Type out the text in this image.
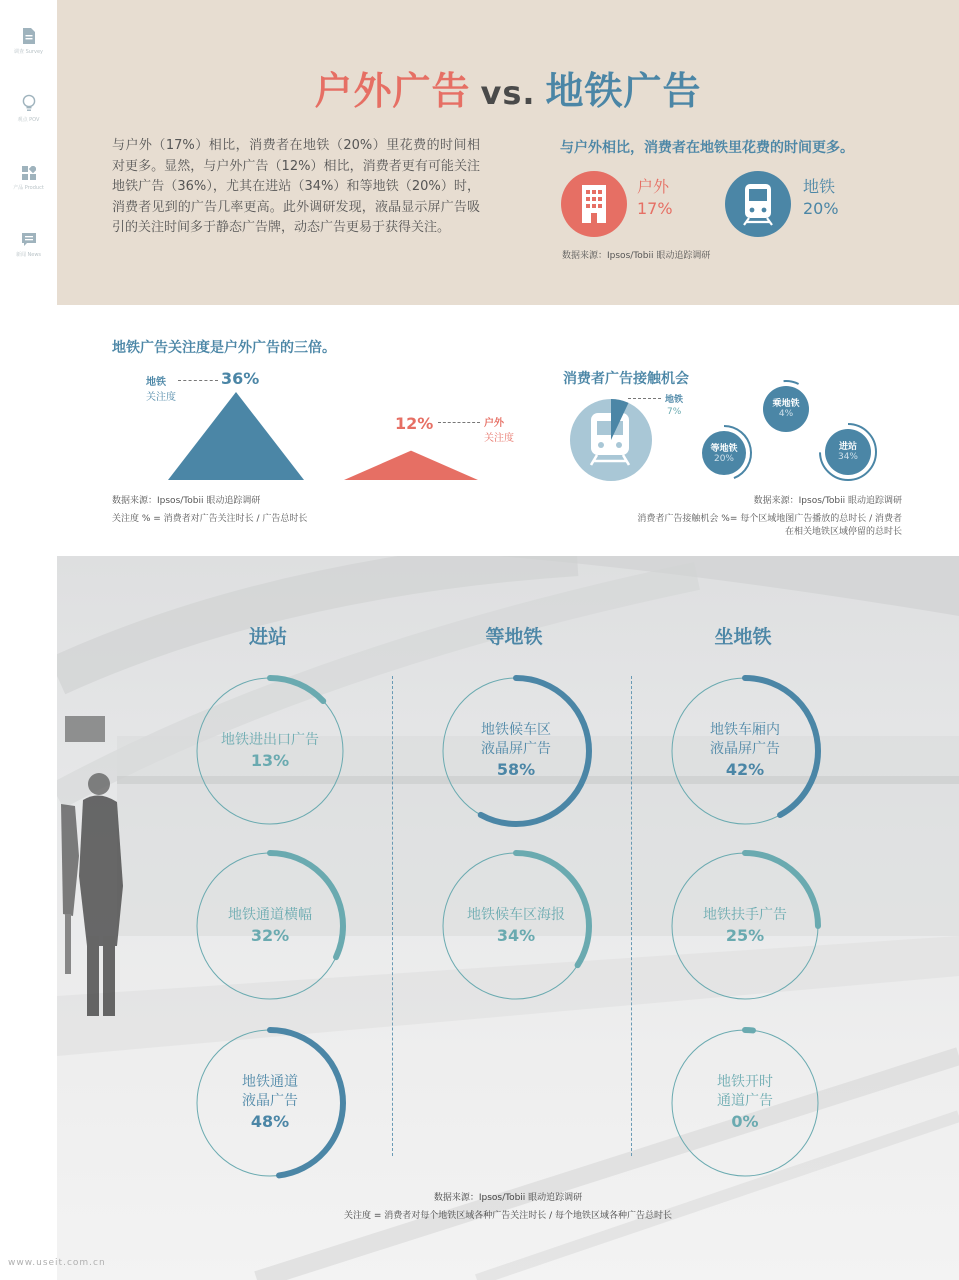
调查 Survey
观点 POV
产品 Product
新闻 News
户外广告 vs. 地铁广告
与户外（17%）相比，消费者在地铁（20%）里花费的时间相对更多。显然，与户外广告（12%）相比，消费者更有可能关注地铁广告（36%），尤其在进站（34%）和等地铁（20%）时，消费者见到的广告几率更高。此外调研发现，液晶显示屏广告吸引的关注时间多于静态广告牌，动态广告更易于获得关注。
与户外相比，消费者在地铁里花费的时间更多。
户外
17%
地铁
20%
数据来源：Ipsos/Tobii 眼动追踪调研
地铁广告关注度是户外广告的三倍。
地铁
关注度
36%
12%	户外
关注度
数据来源：Ipsos/Tobii 眼动追踪调研
关注度 % = 消费者对广告关注时长 / 广告总时长
消费者广告接触机会
地铁
7%
乘地铁
4%
等地铁
20%
进站
34%
数据来源：Ipsos/Tobii 眼动追踪调研
消费者广告接触机会 %= 每个区域地图广告播放的总时长 / 消费者
在相关地铁区域停留的总时长
进站	等地铁	坐地铁
地铁进出口广告
13%
地铁通道横幅
32%
地铁通道
液晶广告
48%
地铁候车区
液晶屏广告
58%
地铁候车区海报
34%
地铁车厢内
液晶屏广告
42%
地铁扶手广告
25%
地铁开时
通道广告
0%
数据来源：Ipsos/Tobii 眼动追踪调研
关注度 = 消费者对每个地铁区域各种广告关注时长 / 每个地铁区域各种广告总时长
www.useit.com.cn
